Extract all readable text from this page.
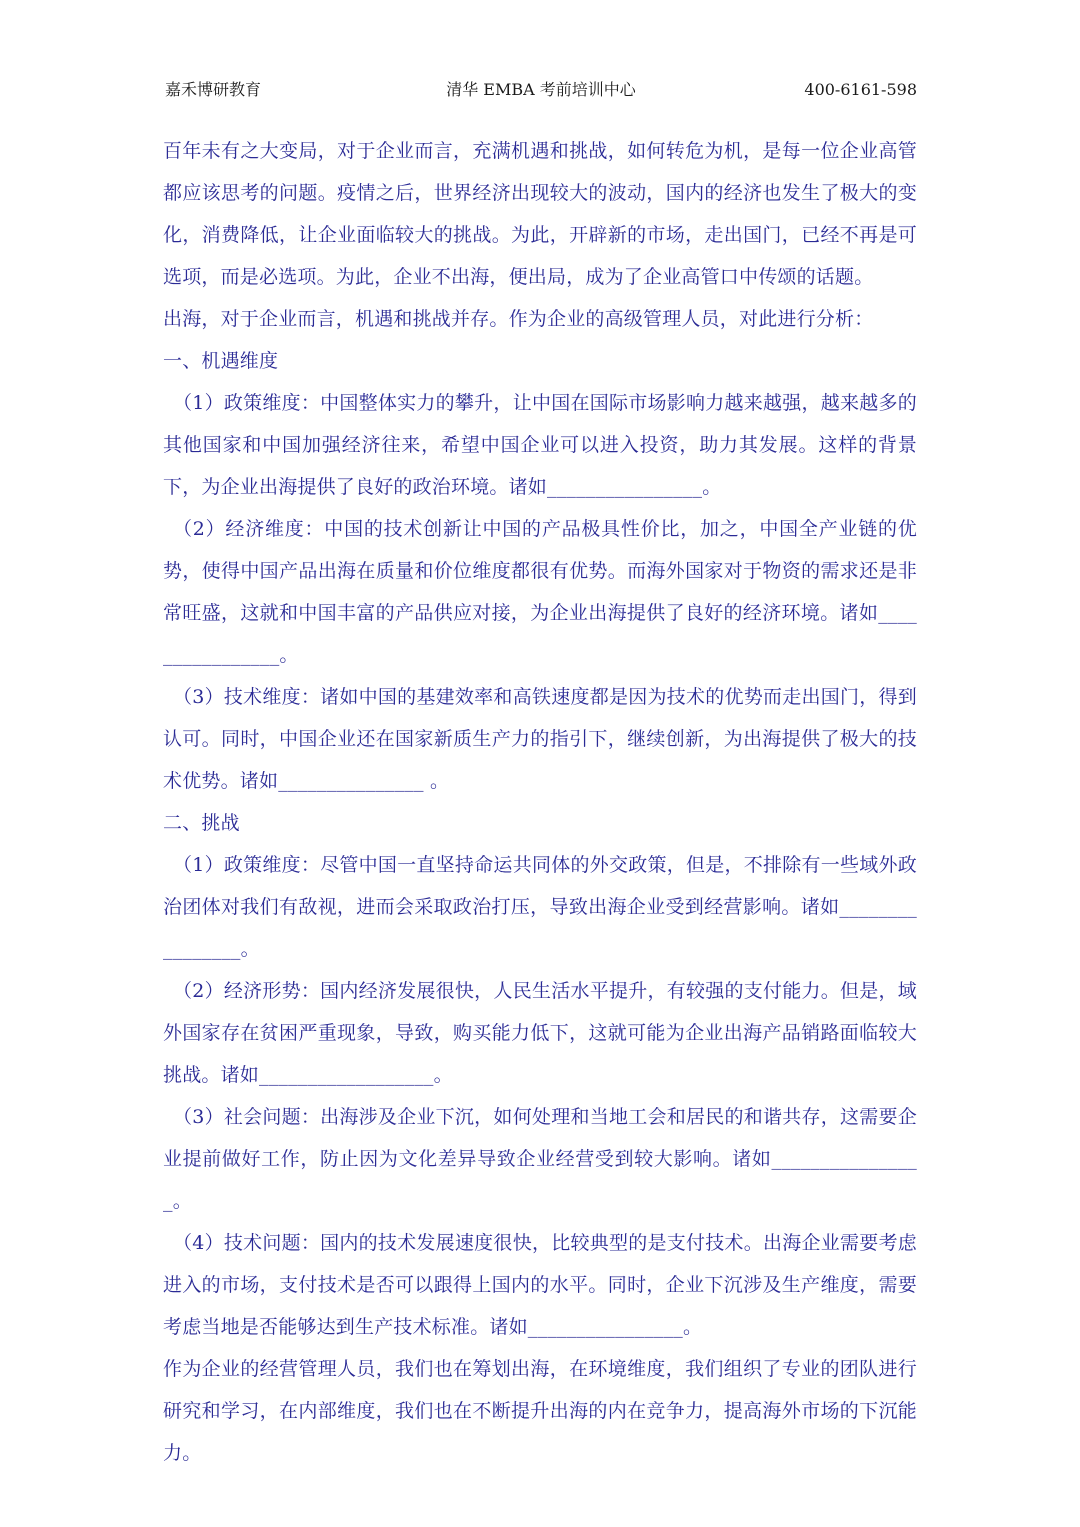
嘉禾博研教育	清华 EMBA 考前培训中心	400-6161-598

百年未有之大变局，对于企业而言，充满机遇和挑战，如何转危为机，是每一位企业高管都应该思考的问题。疫情之后，世界经济出现较大的波动，国内的经济也发生了极大的变化，消费降低，让企业面临较大的挑战。为此，开辟新的市场，走出国门，已经不再是可选项，而是必选项。为此，企业不出海，便出局，成为了企业高管口中传颂的话题。

出海，对于企业而言，机遇和挑战并存。作为企业的高级管理人员，对此进行分析：

一、机遇维度

（1）政策维度：中国整体实力的攀升，让中国在国际市场影响力越来越强，越来越多的其他国家和中国加强经济往来，希望中国企业可以进入投资，助力其发展。这样的背景下，为企业出海提供了良好的政治环境。诸如________________。

（2）经济维度：中国的技术创新让中国的产品极具性价比，加之，中国全产业链的优势，使得中国产品出海在质量和价位维度都很有优势。而海外国家对于物资的需求还是非常旺盛，这就和中国丰富的产品供应对接，为企业出海提供了良好的经济环境。诸如________________。

（3）技术维度：诸如中国的基建效率和高铁速度都是因为技术的优势而走出国门，得到认可。同时，中国企业还在国家新质生产力的指引下，继续创新，为出海提供了极大的技术优势。诸如_______________ 。

二、挑战

（1）政策维度：尽管中国一直坚持命运共同体的外交政策，但是，不排除有一些域外政治团体对我们有敌视，进而会采取政治打压，导致出海企业受到经营影响。诸如________________。

（2）经济形势：国内经济发展很快，人民生活水平提升，有较强的支付能力。但是，域外国家存在贫困严重现象，导致，购买能力低下，这就可能为企业出海产品销路面临较大挑战。诸如__________________。

（3）社会问题：出海涉及企业下沉，如何处理和当地工会和居民的和谐共存，这需要企业提前做好工作，防止因为文化差异导致企业经营受到较大影响。诸如________________。

（4）技术问题：国内的技术发展速度很快，比较典型的是支付技术。出海企业需要考虑进入的市场，支付技术是否可以跟得上国内的水平。同时，企业下沉涉及生产维度，需要考虑当地是否能够达到生产技术标准。诸如________________。

作为企业的经营管理人员，我们也在筹划出海，在环境维度，我们组织了专业的团队进行研究和学习，在内部维度，我们也在不断提升出海的内在竞争力，提高海外市场的下沉能力。
